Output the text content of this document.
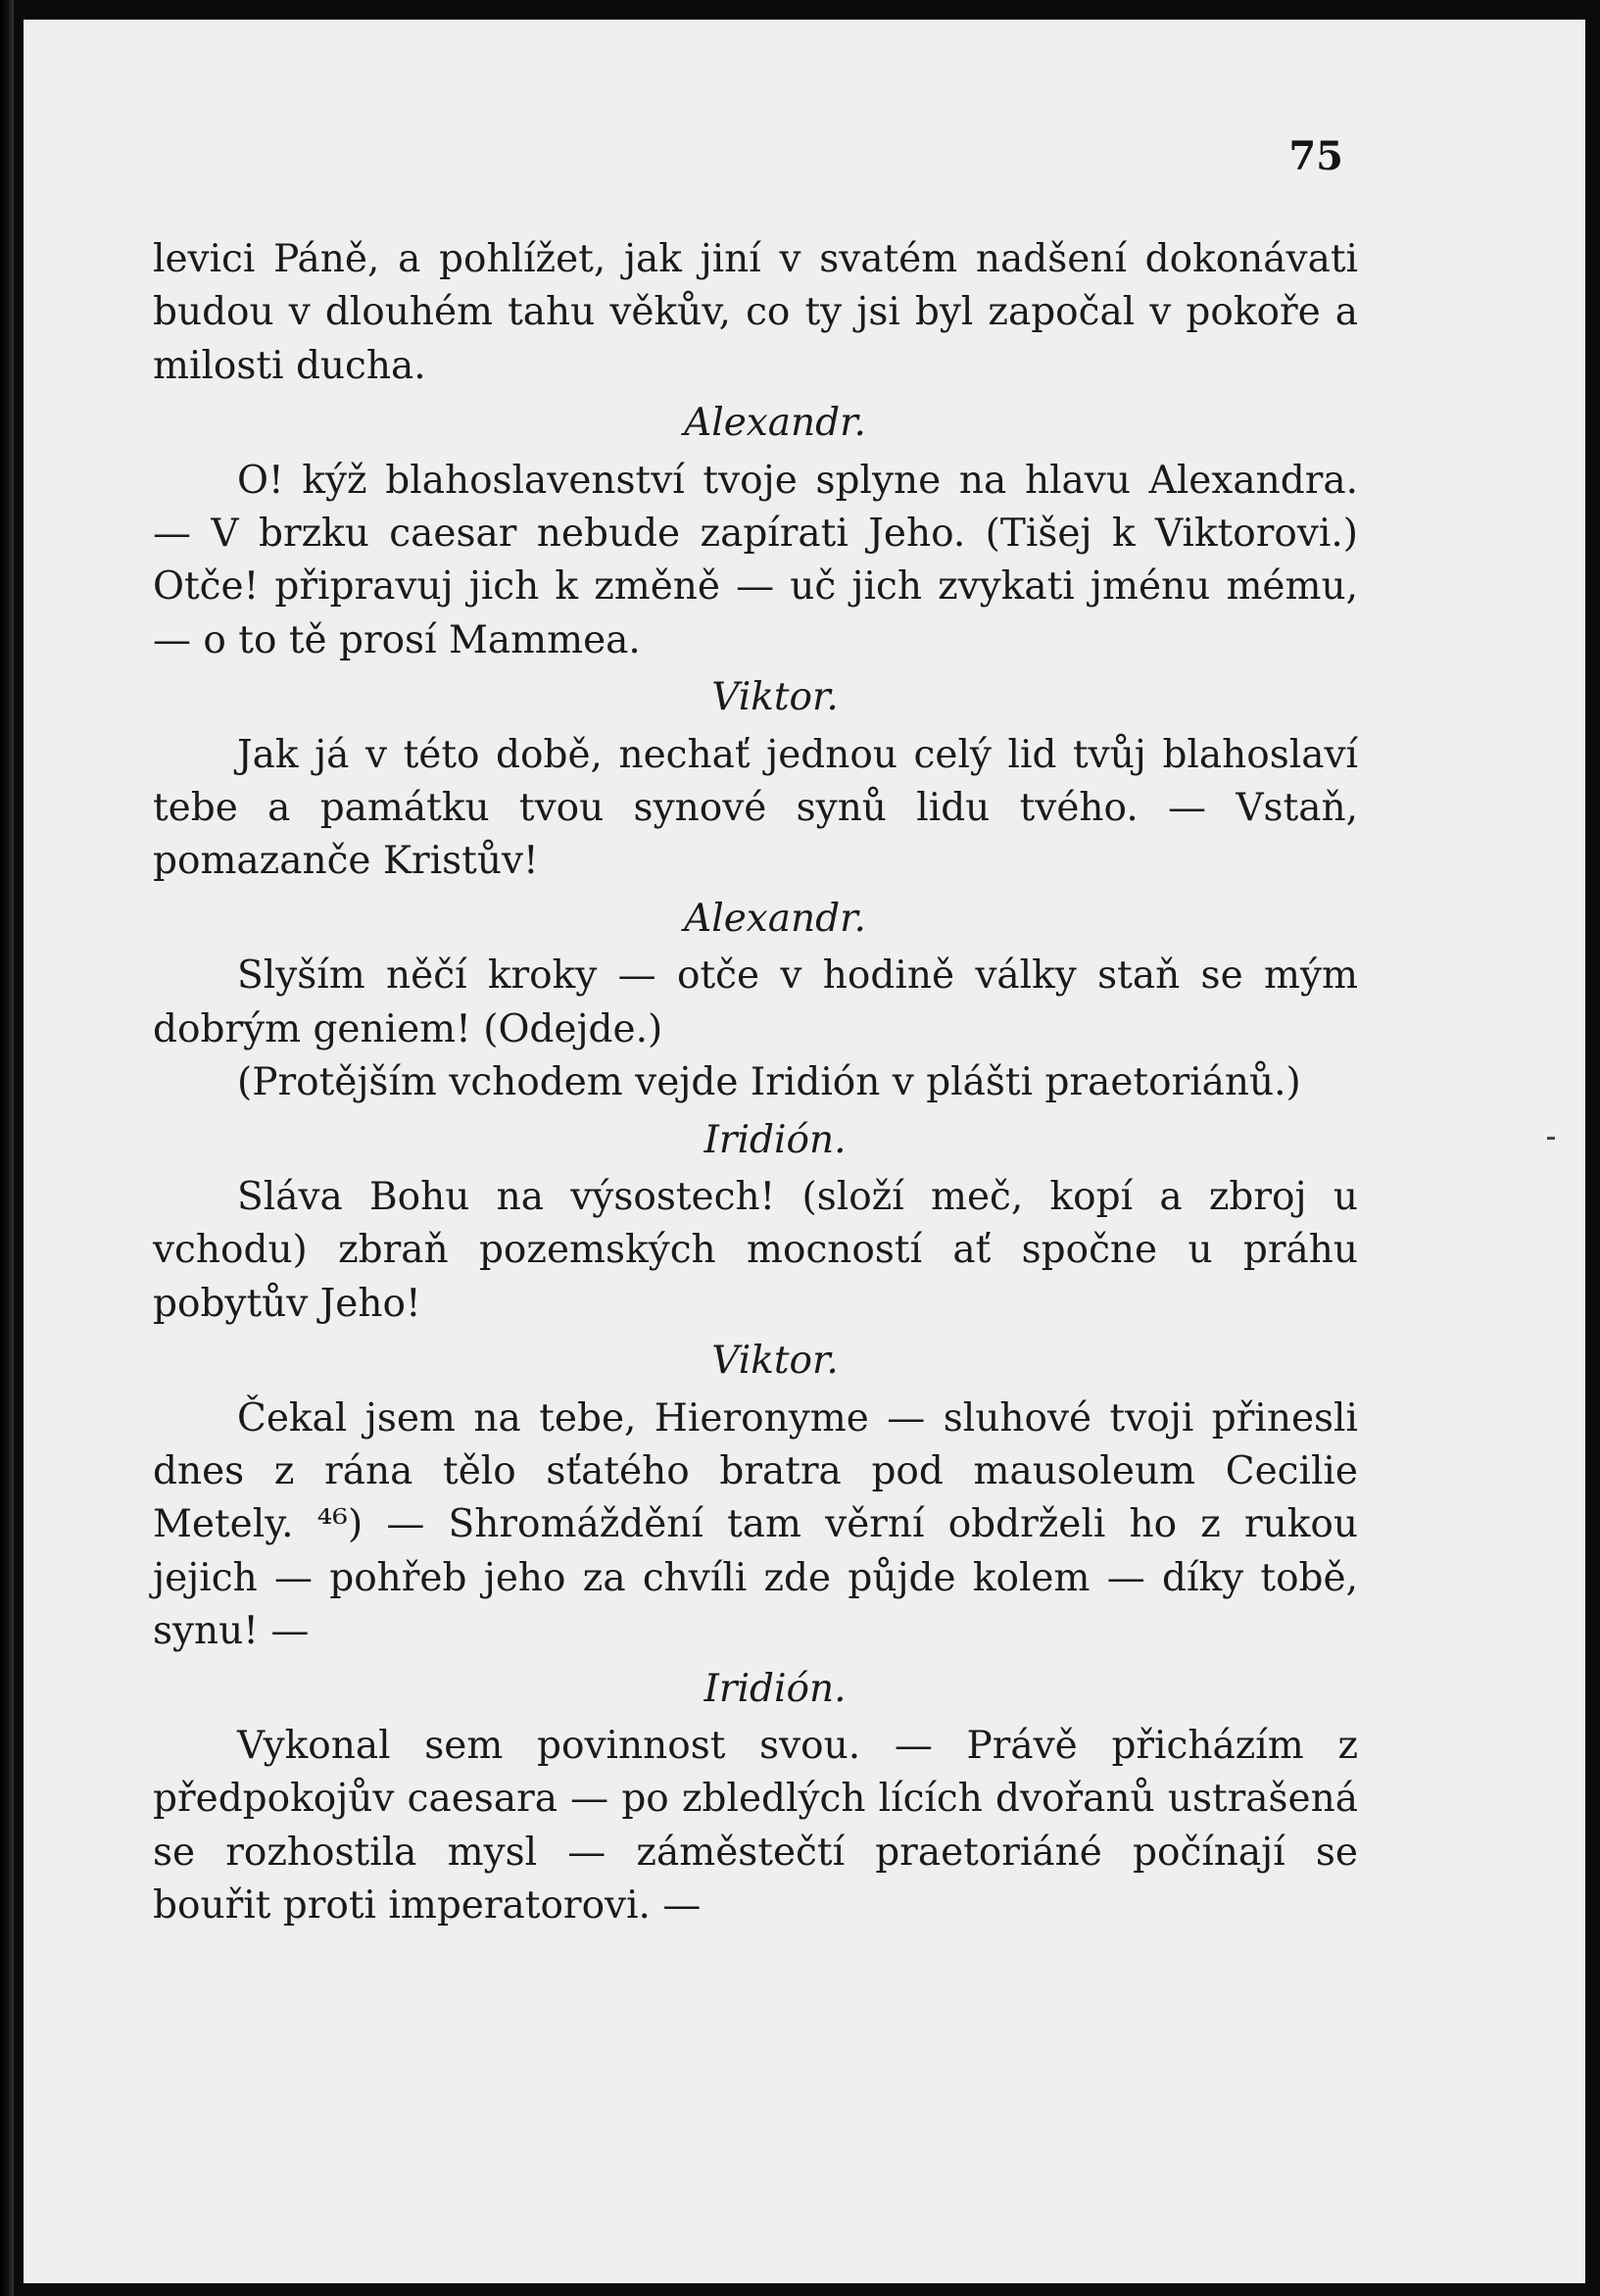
75

levici Páně, a pohlížet, jak jiní v svatém nadšení dokonávati budou v dlouhém tahu věkův, co ty jsi byl započal v pokoře a milosti ducha.

Alexandr.

O! kýž blahoslavenství tvoje splyne na hlavu Alexandra. — V brzku caesar nebude zapírati Jeho. (Tišej k Viktorovi.) Otče! připravuj jich k změně — uč jich zvykati jménu mému, — o to tě prosí Mammea.

Viktor.

Jak já v této době, nechať jednou celý lid tvůj blahoslaví tebe a památku tvou synové synů lidu tvého. — Vstaň, pomazanče Kristův!

Alexandr.

Slyším něčí kroky — otče v hodině války staň se mým dobrým geniem! (Odejde.)

(Protějším vchodem vejde Iridión v plášti praetoriánů.)

Iridión.

Sláva Bohu na výsostech! (složí meč, kopí a zbroj u vchodu) zbraň pozemských mocností ať spočne u práhu pobytův Jeho!

Viktor.

Čekal jsem na tebe, Hieronyme — sluhové tvoji přinesli dnes z rána tělo sťatého bratra pod mausoleum Cecilie Metely. ⁴⁶) — Shromáždění tam věrní obdrželi ho z rukou jejich — pohřeb jeho za chvíli zde půjde kolem — díky tobě, synu! —

Iridión.

Vykonal sem povinnost svou. — Právě přicházím z předpokojův caesara — po zbledlých lících dvořanů ustrašená se rozhostila mysl — záměstečtí praetoriáné počínají se bouřit proti imperatorovi. —
